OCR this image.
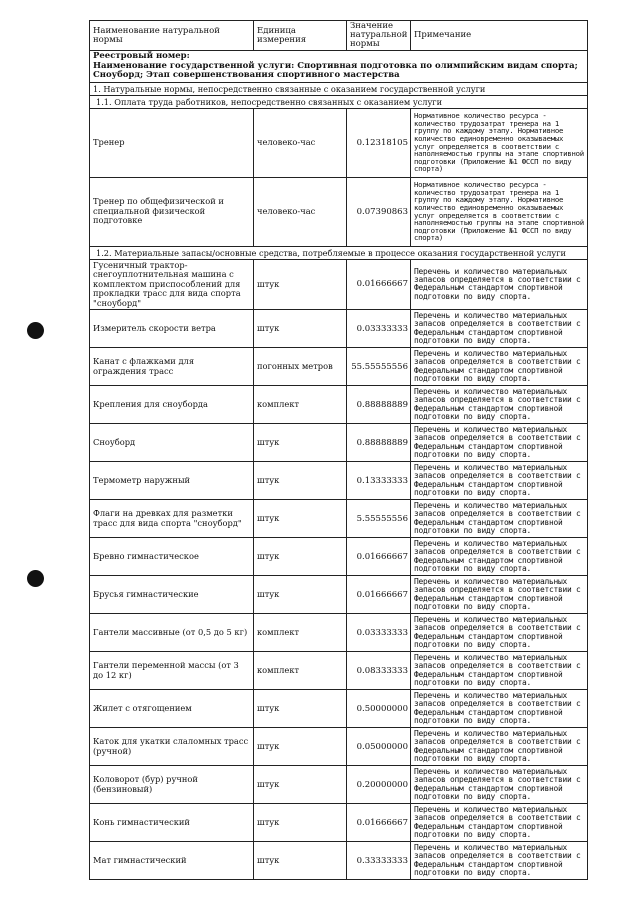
Наименование натуральной нормы	Единица измерения	Значение натуральной нормы	Примечание

Реестровый номер:
Наименование государственной услуги: Спортивная подготовка по олимпийским видам спорта; Сноуборд; Этап совершенствования спортивного мастерства			

1. Натуральные нормы, непосредственно связанные с оказанием государственной услуги			
1.1. Оплата труда работников, непосредственно связанных с оказанием услуги			
Тренер	человеко-час	0.12318105	Нормативное количество ресурса - количество трудозатрат тренера на 1 группу по каждому этапу. Нормативное количество единовременно оказываемых услуг определяется в соответствии с наполняемостью группы на этапе спортивной подготовки (Приложение №1 ФССП по виду спорта)
Тренер по общефизической и специальной физической подготовке	человеко-час	0.07390863	Нормативное количество ресурса - количество трудозатрат тренера на 1 группу по каждому этапу. Нормативное количество единовременно оказываемых услуг определяется в соответствии с наполняемостью группы на этапе спортивной подготовки (Приложение №1 ФССП по виду спорта)
1.2. Материальные запасы/основные средства, потребляемые в процессе оказания государственной услуги			
Гусеничный трактор-снегоуплотнительная машина с комплектом приспособлений для прокладки трасс для вида спорта "сноуборд"	штук	0.01666667	Перечень и количество материальных запасов определяется в соответствии с Федеральным стандартом спортивной подготовки по виду спорта.
Измеритель скорости ветра	штук	0.03333333	Перечень и количество материальных запасов определяется в соответствии с Федеральным стандартом спортивной подготовки по виду спорта.
Канат с флажками для ограждения трасс	погонных метров	55.55555556	Перечень и количество материальных запасов определяется в соответствии с Федеральным стандартом спортивной подготовки по виду спорта.
Крепления для сноуборда	комплект	0.88888889	Перечень и количество материальных запасов определяется в соответствии с Федеральным стандартом спортивной подготовки по виду спорта.
Сноуборд	штук	0.88888889	Перечень и количество материальных запасов определяется в соответствии с Федеральным стандартом спортивной подготовки по виду спорта.
Термометр наружный	штук	0.13333333	Перечень и количество материальных запасов определяется в соответствии с Федеральным стандартом спортивной подготовки по виду спорта.
Флаги на древках для разметки трасс для вида спорта "сноуборд"	штук	5.55555556	Перечень и количество материальных запасов определяется в соответствии с Федеральным стандартом спортивной подготовки по виду спорта.
Бревно гимнастическое	штук	0.01666667	Перечень и количество материальных запасов определяется в соответствии с Федеральным стандартом спортивной подготовки по виду спорта.
Брусья гимнастические	штук	0.01666667	Перечень и количество материальных запасов определяется в соответствии с Федеральным стандартом спортивной подготовки по виду спорта.
Гантели массивные (от 0,5 до 5 кг)	комплект	0.03333333	Перечень и количество материальных запасов определяется в соответствии с Федеральным стандартом спортивной подготовки по виду спорта.
Гантели переменной массы (от 3 до 12 кг)	комплект	0.08333333	Перечень и количество материальных запасов определяется в соответствии с Федеральным стандартом спортивной подготовки по виду спорта.
Жилет с отягощением	штук	0.50000000	Перечень и количество материальных запасов определяется в соответствии с Федеральным стандартом спортивной подготовки по виду спорта.
Каток для укатки слаломных трасс (ручной)	штук	0.05000000	Перечень и количество материальных запасов определяется в соответствии с Федеральным стандартом спортивной подготовки по виду спорта.
Коловорот (бур) ручной (бензиновый)	штук	0.20000000	Перечень и количество материальных запасов определяется в соответствии с Федеральным стандартом спортивной подготовки по виду спорта.
Конь гимнастический	штук	0.01666667	Перечень и количество материальных запасов определяется в соответствии с Федеральным стандартом спортивной подготовки по виду спорта.
Мат гимнастический	штук	0.33333333	Перечень и количество материальных запасов определяется в соответствии с Федеральным стандартом спортивной подготовки по виду спорта.
